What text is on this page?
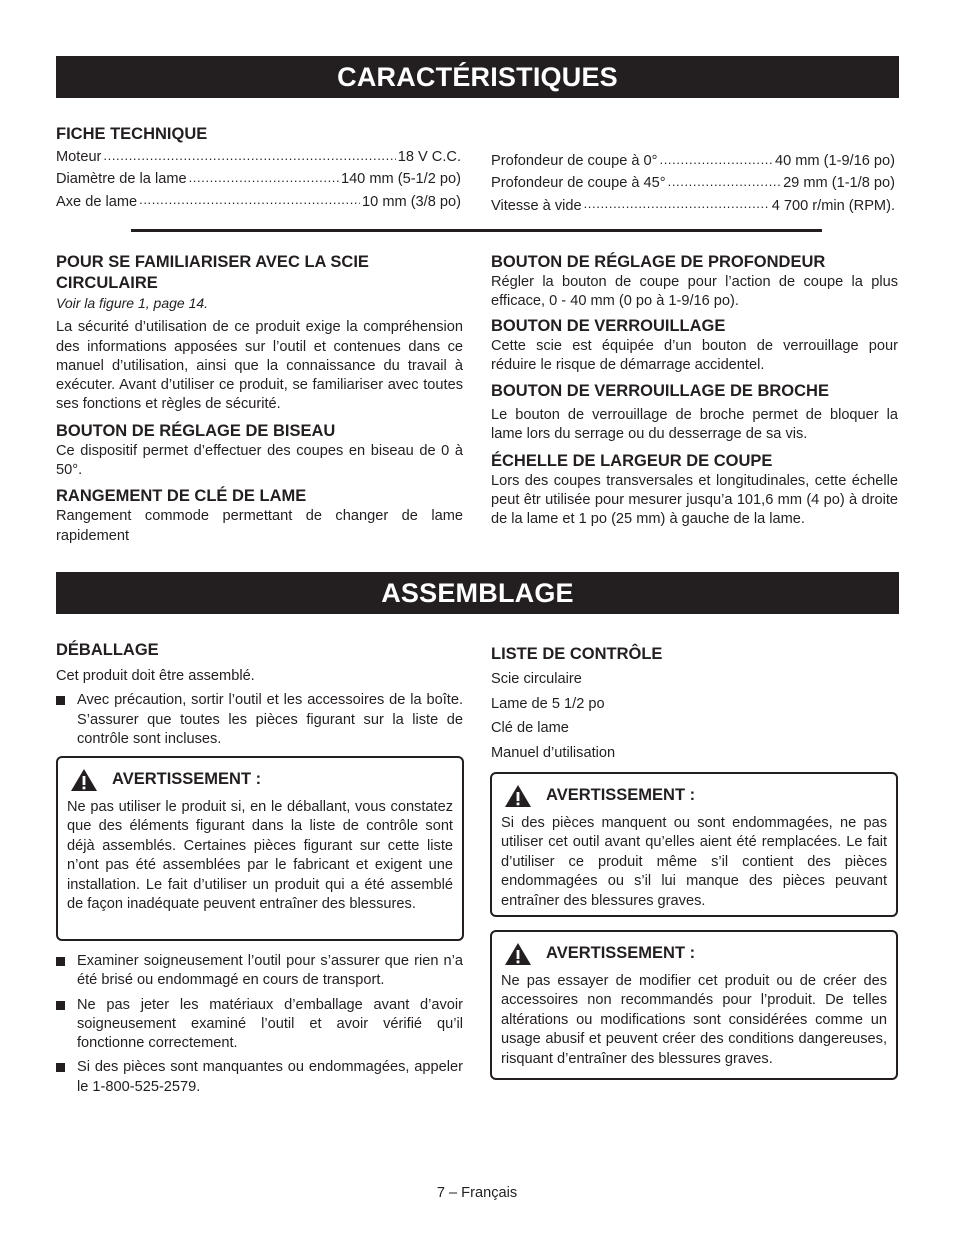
CARACTÉRISTIQUES
FICHE TECHNIQUE
Moteur .....	18 V C.C.
Diamètre de la lame .....	140 mm (5-1/2 po)
Axe de lame .....	10 mm (3/8 po)
Profondeur de coupe à 0° .....	40 mm (1-9/16 po)
Profondeur de coupe à 45° .....	29 mm (1-1/8 po)
Vitesse à vide .....	4 700 r/min (RPM).
POUR SE FAMILIARISER AVEC LA SCIE CIRCULAIRE
Voir la figure 1, page 14.
La sécurité d’utilisation de ce produit exige la compréhension des informations apposées sur l’outil et contenues dans ce manuel d’utilisation, ainsi que la connaissance du travail à exécuter. Avant d’utiliser ce produit, se familiariser avec toutes ses fonctions et règles de sécurité.
BOUTON DE RÉGLAGE DE BISEAU
Ce dispositif permet d’effectuer des coupes en biseau de 0 à 50°.
RANGEMENT DE CLÉ DE LAME
Rangement commode permettant de changer de lame rapidement
BOUTON DE RÉGLAGE DE PROFONDEUR
Régler la bouton de coupe pour l’action de coupe la plus efficace, 0 - 40 mm (0 po à 1-9/16 po).
BOUTON DE VERROUILLAGE
Cette scie est équipée d’un bouton de verrouillage pour réduire le risque de démarrage accidentel.
BOUTON DE VERROUILLAGE DE BROCHE
Le bouton de verrouillage de broche permet de bloquer la lame lors du serrage ou du desserrage de sa vis.
ÉCHELLE DE LARGEUR DE COUPE
Lors des coupes transversales et longitudinales, cette échelle peut êtr utilisée pour mesurer jusqu’a 101,6 mm (4 po) à droite de la lame et 1 po (25 mm) à gauche de la lame.
ASSEMBLAGE
DÉBALLAGE
Cet produit doit être assemblé.
Avec précaution, sortir l’outil et les accessoires de la boîte. S’assurer que toutes les pièces figurant sur la liste de contrôle sont incluses.
AVERTISSEMENT :
Ne pas utiliser le produit si, en le déballant, vous constatez que des éléments figurant dans la liste de contrôle sont déjà assemblés. Certaines pièces figurant sur cette liste n’ont pas été assemblées par le fabricant et exigent une installation. Le fait d’utiliser un produit qui a été assemblé de façon inadéquate peuvent entraîner des blessures.
Examiner soigneusement l’outil pour s’assurer que rien n’a été brisé ou endommagé en cours de transport.
Ne pas jeter les matériaux d’emballage avant d’avoir soigneusement examiné l’outil et avoir vérifié qu’il fonctionne correctement.
Si des pièces sont manquantes ou endommagées, appeler le 1-800-525-2579.
LISTE DE CONTRÔLE
Scie circulaire
Lame de 5 1/2 po
Clé de lame
Manuel d’utilisation
AVERTISSEMENT :
Si des pièces manquent ou sont endommagées, ne pas utiliser cet outil avant qu’elles aient été remplacées. Le fait d’utiliser ce produit même s’il contient des pièces endommagées ou s’il lui manque des pièces peuvant entraîner des blessures graves.
AVERTISSEMENT :
Ne pas essayer de modifier cet produit ou de créer des accessoires non recommandés pour l’produit. De telles altérations ou modifications sont considérées comme un usage abusif et peuvent créer des conditions dangereuses, risquant d’entraîner des blessures graves.
7 – Français
